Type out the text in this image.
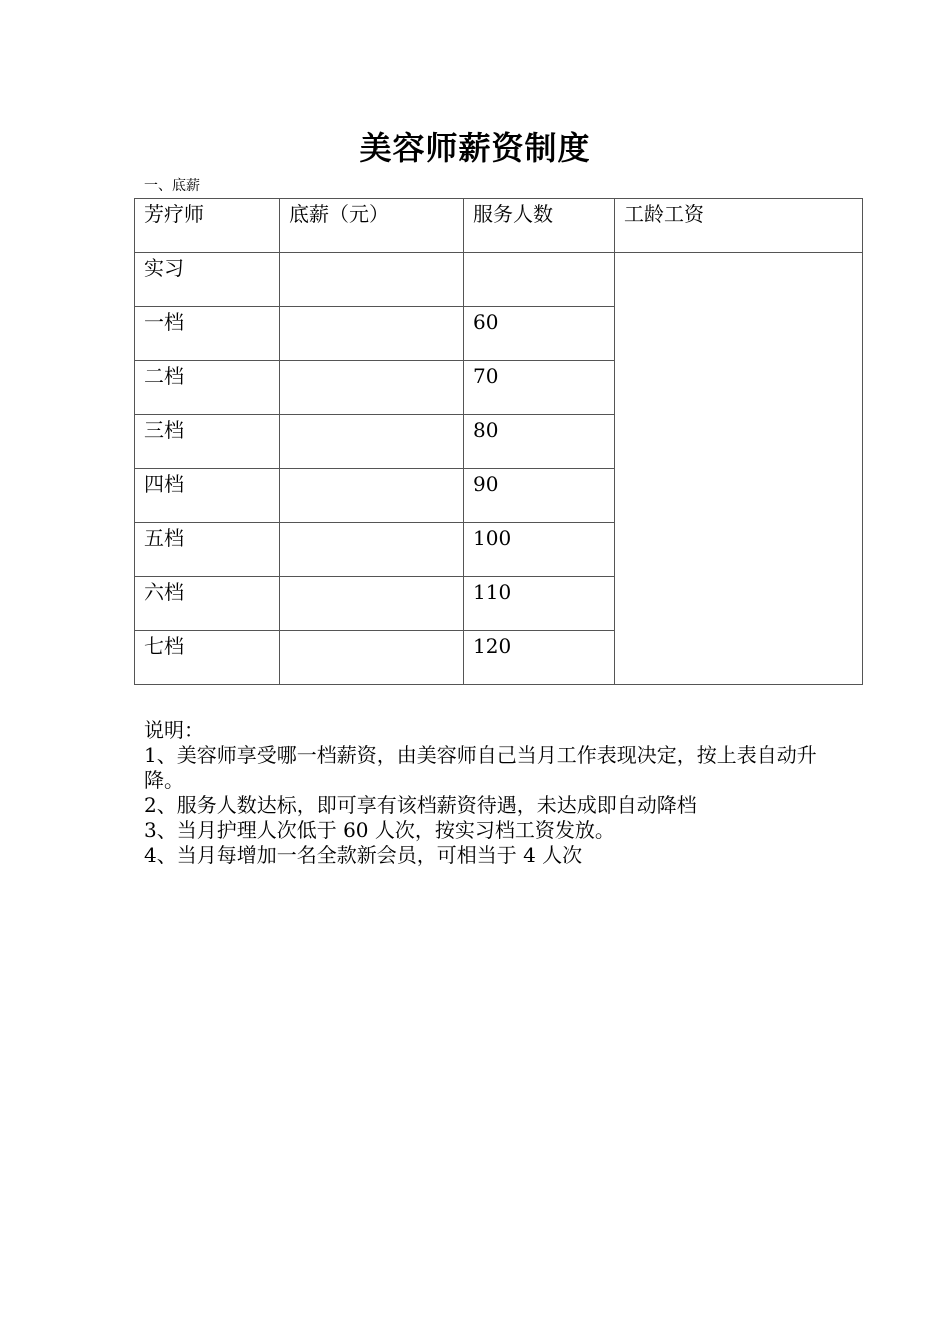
美容师薪资制度
一、底薪
芳疗师	底薪（元）	服务人数	工龄工资

实习			

一档		60	

二档		70	

三档		80	

四档		90	

五档		100	

六档		110	

七档		120	

说明：

1、美容师享受哪一档薪资，由美容师自己当月工作表现决定，按上表自动升降。

2、服务人数达标，即可享有该档薪资待遇，未达成即自动降档

3、当月护理人次低于 60 人次，按实习档工资发放。

4、当月每增加一名全款新会员，可相当于 4 人次
